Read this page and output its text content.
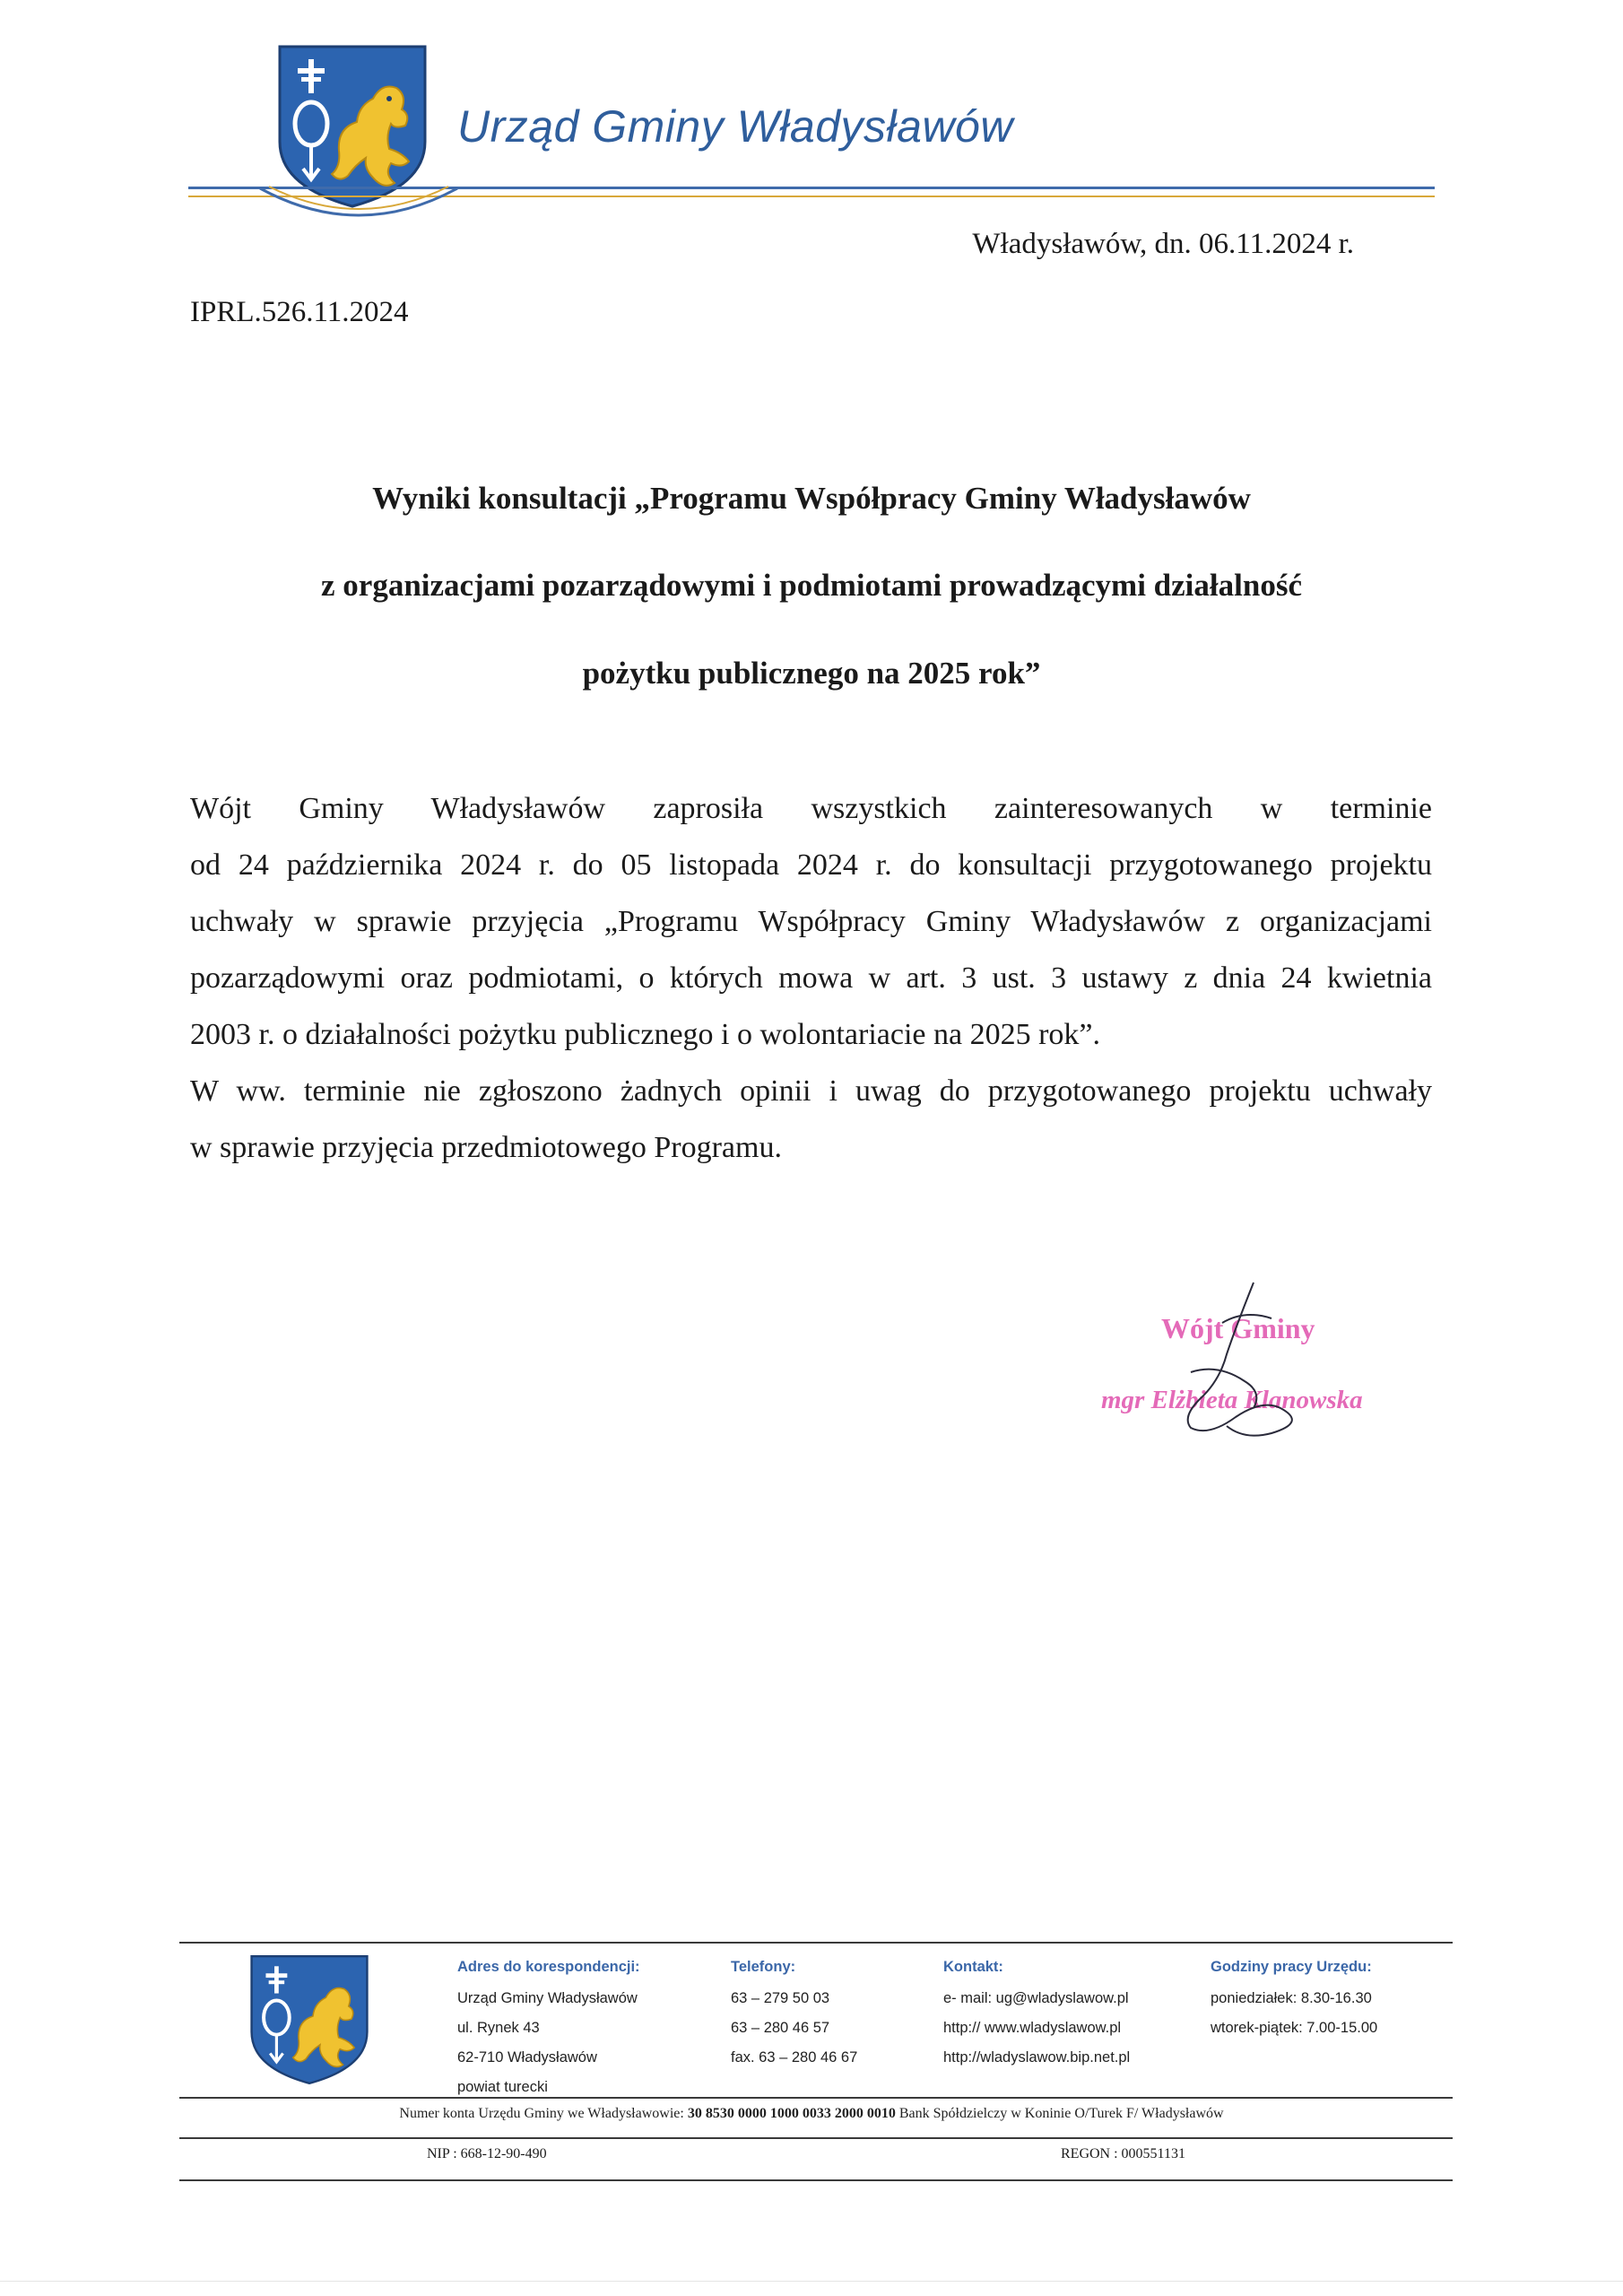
Urząd Gminy Władysławów
Władysławów, dn. 06.11.2024 r.
IPRL.526.11.2024
Wyniki konsultacji „Programu Współpracy Gminy Władysławów
z organizacjami pozarządowymi i podmiotami prowadzącymi działalność
pożytku publicznego na 2025 rok”
Wójt Gminy Władysławów zaprosiła wszystkich zainteresowanych w terminie
od 24 października 2024 r. do 05 listopada 2024 r. do konsultacji przygotowanego projektu
uchwały w sprawie przyjęcia „Programu Współpracy Gminy Władysławów z organizacjami
pozarządowymi oraz podmiotami, o których mowa w art. 3 ust. 3 ustawy z dnia 24 kwietnia
2003 r. o działalności pożytku publicznego i o wolontariacie na 2025 rok”.
W ww. terminie nie zgłoszono żadnych opinii i uwag do przygotowanego projektu uchwały
w sprawie przyjęcia przedmiotowego Programu.
Wójt Gminy
mgr Elżbieta Klanowska
Adres do korespondencji:
Urząd Gminy Władysławów
ul. Rynek 43
62-710 Władysławów
powiat turecki
Telefony:
63 – 279 50 03
63 – 280 46 57
fax. 63 – 280 46 67
Kontakt:
e- mail: ug@wladyslawow.pl
http:// www.wladyslawow.pl
http://wladyslawow.bip.net.pl
Godziny pracy Urzędu:
poniedziałek: 8.30-16.30
wtorek-piątek: 7.00-15.00
Numer konta Urzędu Gminy we Władysławowie: 30 8530 0000 1000 0033 2000 0010 Bank Spółdzielczy w Koninie O/Turek F/ Władysławów
NIP : 668-12-90-490	REGON : 000551131
